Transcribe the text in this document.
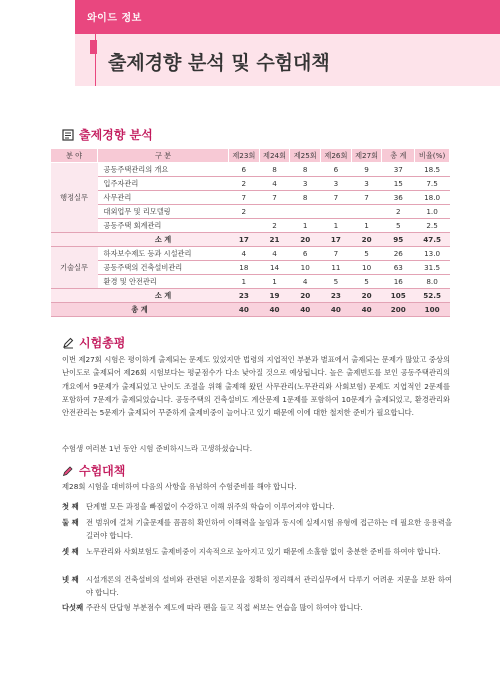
와이드 정보
출제경향 분석 및 수험대책
출제경향 분석
분 야	구 분	제23회	제24회	제25회	제26회	제27회	총 계	비율(%)
행정실무	공동주택관리의 개요	6	8	8	6	9	37	18.5
	입주자관리	2	4	3	3	3	15	7.5
	사무관리	7	7	8	7	7	36	18.0
	대외업무 및 리모델링	2					2	1.0
	공동주택 회계관리		2	1	1	1	5	2.5
	소 계	17	21	20	17	20	95	47.5
기술실무	하자보수제도 등과 시설관리	4	4	6	7	5	26	13.0
	공동주택의 건축설비관리	18	14	10	11	10	63	31.5
	환경 및 안전관리	1	1	4	5	5	16	8.0
	소 계	23	19	20	23	20	105	52.5
총 계		40	40	40	40	40	200	100
시험총평
이번 제27회 시험은 평이하게 출제되는 문제도 있었지만 법령의 지엽적인 부분과 별표에서 출제되는 문제가 많았고 중상의 난이도로 출제되어 제26회 시험보다는 평균점수가 다소 낮아질 것으로 예상됩니다. 높은 출제빈도를 보인 공동주택관리의 개요에서 9문제가 출제되었고 난이도 조절을 위해 출제해 왔던 사무관리(노무관리와 사회보험) 문제도 지엽적인 2문제를 포함하여 7문제가 출제되었습니다. 공동주택의 건축설비도 계산문제 1문제를 포함하여 10문제가 출제되었고, 환경관리와 안전관리는 5문제가 출제되어 꾸준하게 출제비중이 늘어나고 있기 때문에 이에 대한 철저한 준비가 필요합니다.
수험생 여러분 1년 동안 시험 준비하시느라 고생하셨습니다.
수험대책
제28회 시험을 대비하여 다음의 사항을 유념하여 수험준비를 해야 합니다.
첫 째	단계별 모든 과정을 빠짐없이 수강하고 이해 위주의 학습이 이루어져야 합니다.
둘 째	전 범위에 걸쳐 기출문제를 꼼꼼히 확인하여 이해력을 높임과 동시에 실제시험 유형에 접근하는 데 필요한 응용력을 길러야 합니다.
셋 째	노무관리와 사회보험도 출제비중이 지속적으로 높아지고 있기 때문에 소홀함 없이 충분한 준비를 하여야 합니다.
넷 째	시설개론의 건축설비의 설비와 관련된 이론지문을 정확히 정리해서 관리실무에서 다루기 어려운 지문을 보완 하여야 합니다.
다섯째 주관식 단답형 부분점수 제도에 따라 펜을 들고 직접 써보는 연습을 많이 하여야 합니다.
